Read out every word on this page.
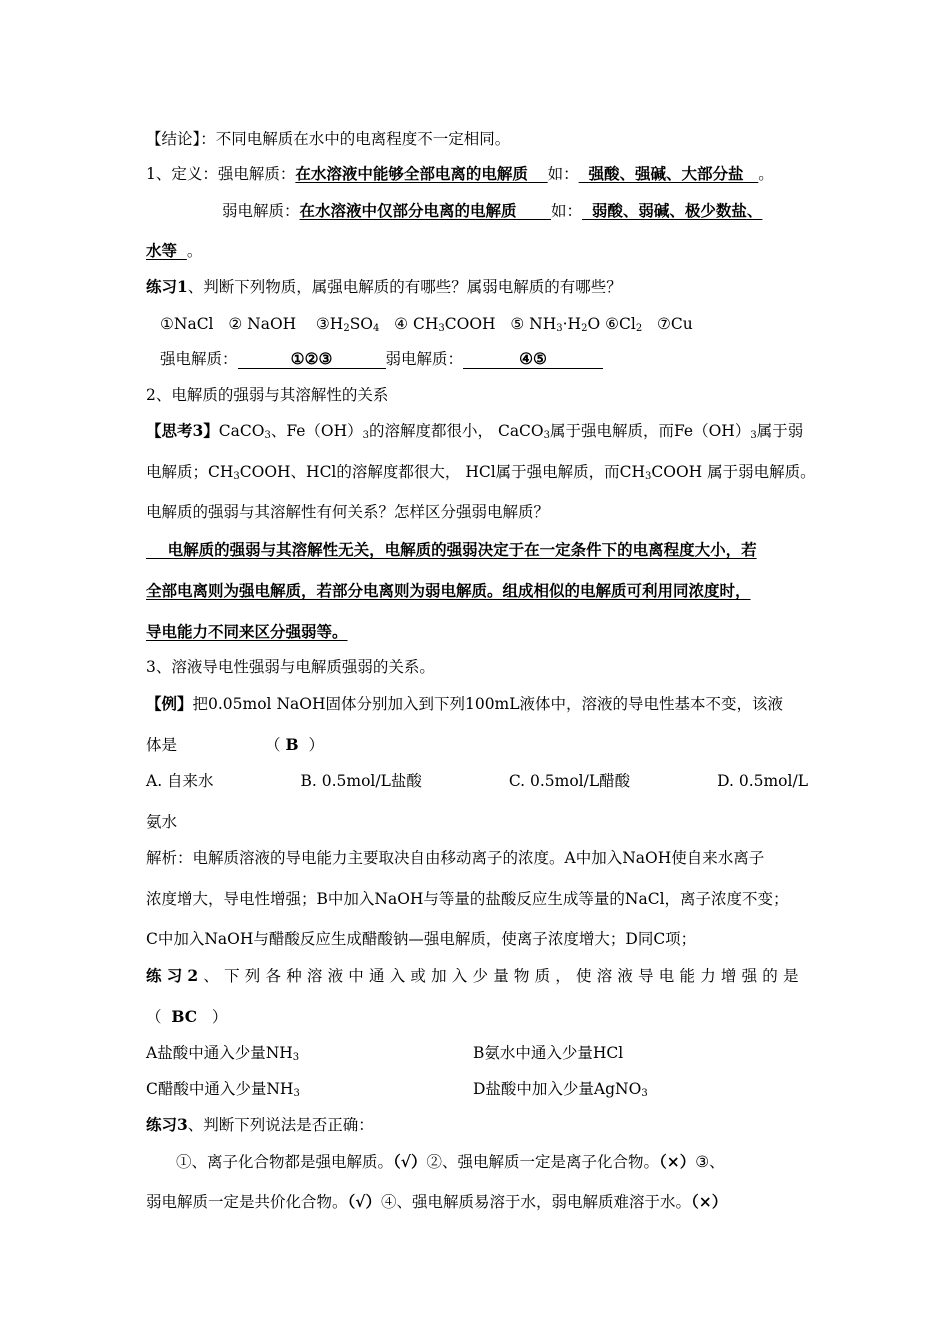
【结论】：不同电解质在水中的电离程度不一定相同。
1、定义：强电解质：在水溶液中能够全部电离的电解质 如： 强酸、强碱、大部分盐 。
弱电解质：在水溶液中仅部分电离的电解质 如： 弱酸、弱碱、极少数盐、
水等 。
练习1、判断下列物质，属强电解质的有哪些？属弱电解质的有哪些？
①NaCl ② NaOH $③H_2SO_4$ ④ $CH_3COOH$ ⑤ $NH_3\cdot H_2O$ $⑥Cl_2$ ⑦Cu
强电解质：	①②③	弱电解质：	④⑤
2、电解质的强弱与其溶解性的关系
【思考3】CaCO$_3$、$Fe(OH)_3$的溶解度都很小， CaCO$_3$属于强电解质，而$Fe(OH)_3$属于弱
电解质；$CH_3COOH$、HCl的溶解度都很大， HCl属于强电解质，而$CH_3COOH$ 属于弱电解质。
电解质的强弱与其溶解性有何关系？怎样区分强弱电解质？
电解质的强弱与其溶解性无关，电解质的强弱决定于在一定条件下的电离程度大小，若
全部电离则为强电解质，若部分电离则为弱电解质。组成相似的电解质可利用同浓度时，
导电能力不同来区分强弱等。
3、溶液导电性强弱与电解质强弱的关系。
【例】把0.05mol NaOH固体分别加入到下列100mL液体中，溶液的导电性基本不变，该液
体是	（ B ）
A. 自来水	B. 0.5mol/L盐酸	C. 0.5mol/L醋酸	D. 0.5mol/L
氨水
解析：电解质溶液的导电能力主要取决自由移动离子的浓度。A中加入NaOH使自来水离子
浓度增大，导电性增强；B中加入NaOH与等量的盐酸反应生成等量的NaCl，离子浓度不变；
C中加入NaOH与醋酸反应生成醋酸钠—强电解质，使离子浓度增大；D同C项；
练习2、下列各种溶液中通入或加入少量物质，使溶液导电能力增强的是
（ BC ）
A盐酸中通入少量$NH_3$	B氨水中通入少量HCl
C醋酸中通入少量$NH_3$	D盐酸中加入少量AgNO$_3$
练习3、判断下列说法是否正确：
①、离子化合物都是强电解质。（√）②、强电解质一定是离子化合物。（×）③、
弱电解质一定是共价化合物。（√）④、强电解质易溶于水，弱电解质难溶于水。（×）
